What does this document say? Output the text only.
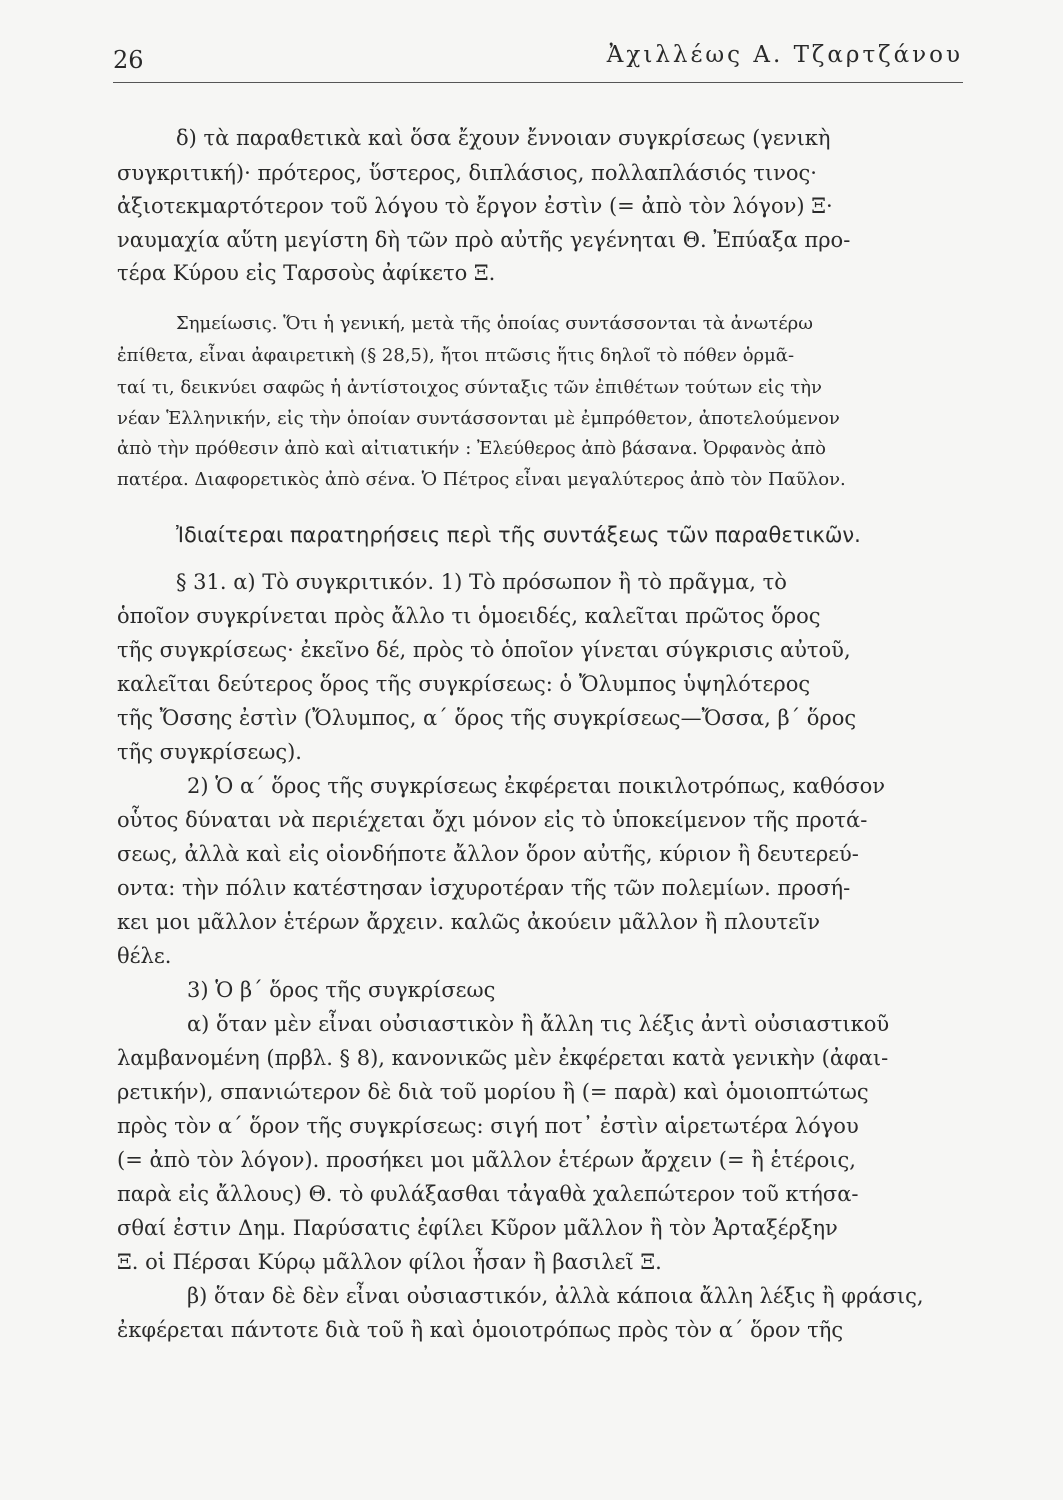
26	Ἀχιλλέως Α. Τζαρτζάνου
δ) τὰ παραθετικὰ καὶ ὅσα ἔχουν ἔννοιαν συγκρίσεως (γενικὴ
συγκριτική)· πρότερος, ὕστερος, διπλάσιος, πολλαπλάσιός τινος·
ἀξιοτεκμαρτότερον τοῦ λόγου τὸ ἔργον ἐστὶν (= ἀπὸ τὸν λόγον) Ξ·
ναυμαχία αὕτη μεγίστη δὴ τῶν πρὸ αὐτῆς γεγένηται Θ. Ἐπύαξα προ-
τέρα Κύρου εἰς Ταρσοὺς ἀφίκετο Ξ.
Σημείωσις. Ὅτι ἡ γενική, μετὰ τῆς ὁποίας συντάσσονται τὰ ἀνωτέρω
ἐπίθετα, εἶναι ἀφαιρετικὴ (§ 28,5), ἤτοι πτῶσις ἥτις δηλοῖ τὸ πόθεν ὁρμᾶ-
ταί τι, δεικνύει σαφῶς ἡ ἀντίστοιχος σύνταξις τῶν ἐπιθέτων τούτων εἰς τὴν
νέαν Ἑλληνικήν, εἰς τὴν ὁποίαν συντάσσονται μὲ ἐμπρόθετον, ἀποτελούμενον
ἀπὸ τὴν πρόθεσιν ἀπὸ καὶ αἰτιατικήν : Ἐλεύθερος ἀπὸ βάσανα. Ὀρφανὸς ἀπὸ
πατέρα. Διαφορετικὸς ἀπὸ σένα. Ὁ Πέτρος εἶναι μεγαλύτερος ἀπὸ τὸν Παῦλον.
Ἰδιαίτεραι παρατηρήσεις περὶ τῆς συντάξεως τῶν παραθετικῶν.
§ 31. α) Τὸ συγκριτικόν. 1) Τὸ πρόσωπον ἢ τὸ πρᾶγμα, τὸ
ὁποῖον συγκρίνεται πρὸς ἄλλο τι ὁμοειδές, καλεῖται πρῶτος ὅρος
τῆς συγκρίσεως· ἐκεῖνο δέ, πρὸς τὸ ὁποῖον γίνεται σύγκρισις αὐτοῦ,
καλεῖται δεύτερος ὅρος τῆς συγκρίσεως: ὁ Ὄλυμπος ὑψηλότερος
τῆς Ὄσσης ἐστὶν (Ὄλυμπος, α΄ ὅρος τῆς συγκρίσεως—Ὄσσα, β΄ ὅρος
τῆς συγκρίσεως).
2) Ὁ α΄ ὅρος τῆς συγκρίσεως ἐκφέρεται ποικιλοτρόπως, καθόσον
οὗτος δύναται νὰ περιέχεται ὄχι μόνον εἰς τὸ ὑποκείμενον τῆς προτά-
σεως, ἀλλὰ καὶ εἰς οἱονδήποτε ἄλλον ὅρον αὐτῆς, κύριον ἢ δευτερεύ-
οντα: τὴν πόλιν κατέστησαν ἰσχυροτέραν τῆς τῶν πολεμίων. προσή-
κει μοι μᾶλλον ἑτέρων ἄρχειν. καλῶς ἀκούειν μᾶλλον ἢ πλουτεῖν
θέλε.
3) Ὁ β΄ ὅρος τῆς συγκρίσεως
α) ὅταν μὲν εἶναι οὐσιαστικὸν ἢ ἄλλη τις λέξις ἀντὶ οὐσιαστικοῦ
λαμβανομένη (πρβλ. § 8), κανονικῶς μὲν ἐκφέρεται κατὰ γενικὴν (ἀφαι-
ρετικήν), σπανιώτερον δὲ διὰ τοῦ μορίου ἢ (= παρὰ) καὶ ὁμοιοπτώτως
πρὸς τὸν α΄ ὅρον τῆς συγκρίσεως: σιγή ποτ᾽ ἐστὶν αἱρετωτέρα λόγου
(= ἀπὸ τὸν λόγον). προσήκει μοι μᾶλλον ἑτέρων ἄρχειν (= ἢ ἑτέροις,
παρὰ εἰς ἄλλους) Θ. τὸ φυλάξασθαι τἀγαθὰ χαλεπώτερον τοῦ κτήσα-
σθαί ἐστιν Δημ. Παρύσατις ἐφίλει Κῦρον μᾶλλον ἢ τὸν Ἀρταξέρξην
Ξ. οἱ Πέρσαι Κύρῳ μᾶλλον φίλοι ἦσαν ἢ βασιλεῖ Ξ.
β) ὅταν δὲ δὲν εἶναι οὐσιαστικόν, ἀλλὰ κάποια ἄλλη λέξις ἢ φράσις,
ἐκφέρεται πάντοτε διὰ τοῦ ἢ καὶ ὁμοιοτρόπως πρὸς τὸν α΄ ὅρον τῆς
